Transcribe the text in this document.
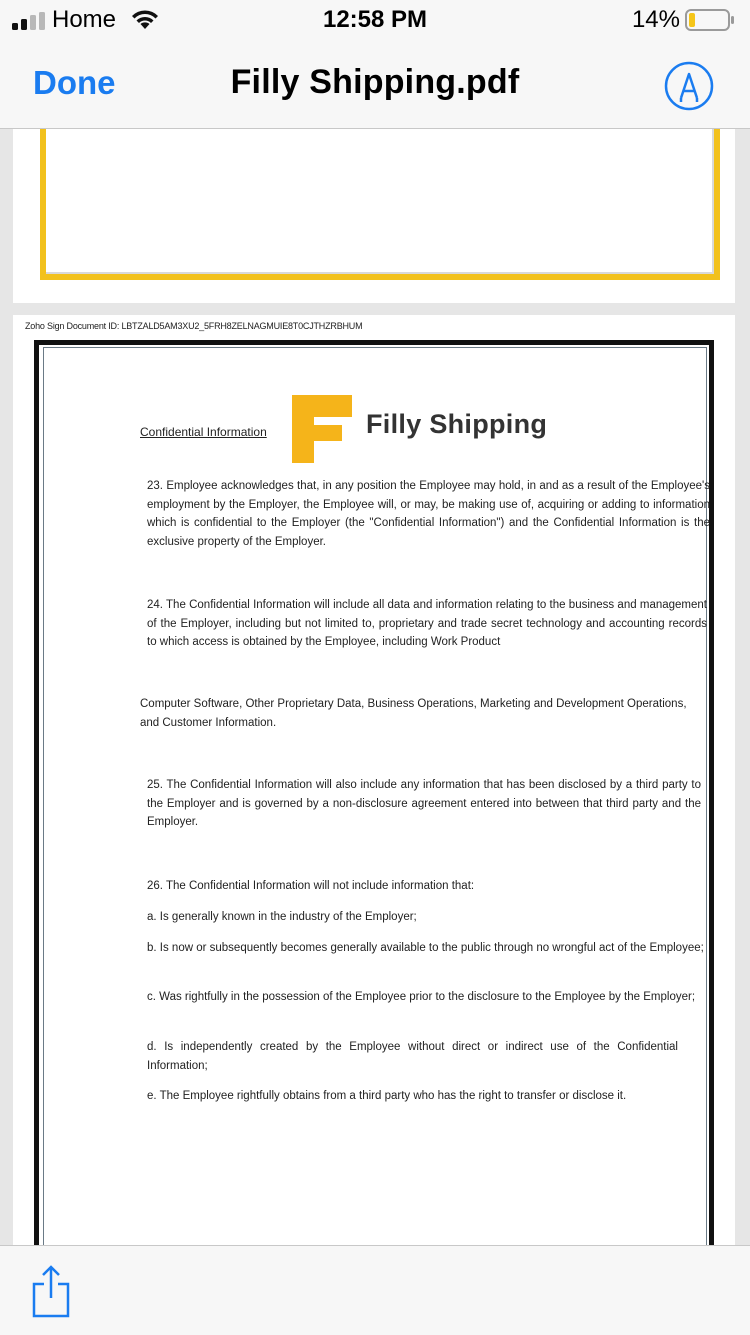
Home	12:58 PM	14%
Done	Filly Shipping.pdf
Zoho Sign Document ID: LBTZALD5AM3XU2_5FRH8ZELNAGMUIE8T0CJTHZRBHUM
Confidential Information	Filly Shipping
23. Employee acknowledges that, in any position the Employee may hold, in and as a result of the Employee's employment by the Employer, the Employee will, or may, be making use of, acquiring or adding to information which is confidential to the Employer (the "Confidential Information") and the Confidential Information is the exclusive property of the Employer.
24. The Confidential Information will include all data and information relating to the business and management of the Employer, including but not limited to, proprietary and trade secret technology and accounting records to which access is obtained by the Employee, including Work Product
Computer Software, Other Proprietary Data, Business Operations, Marketing and Development Operations, and Customer Information.
25. The Confidential Information will also include any information that has been disclosed by a third party to the Employer and is governed by a non-disclosure agreement entered into between that third party and the Employer.
26. The Confidential Information will not include information that:
a. Is generally known in the industry of the Employer;
b. Is now or subsequently becomes generally available to the public through no wrongful act of the Employee;
c. Was rightfully in the possession of the Employee prior to the disclosure to the Employee by the Employer;
d. Is independently created by the Employee without direct or indirect use of the Confidential Information;
e. The Employee rightfully obtains from a third party who has the right to transfer or disclose it.
